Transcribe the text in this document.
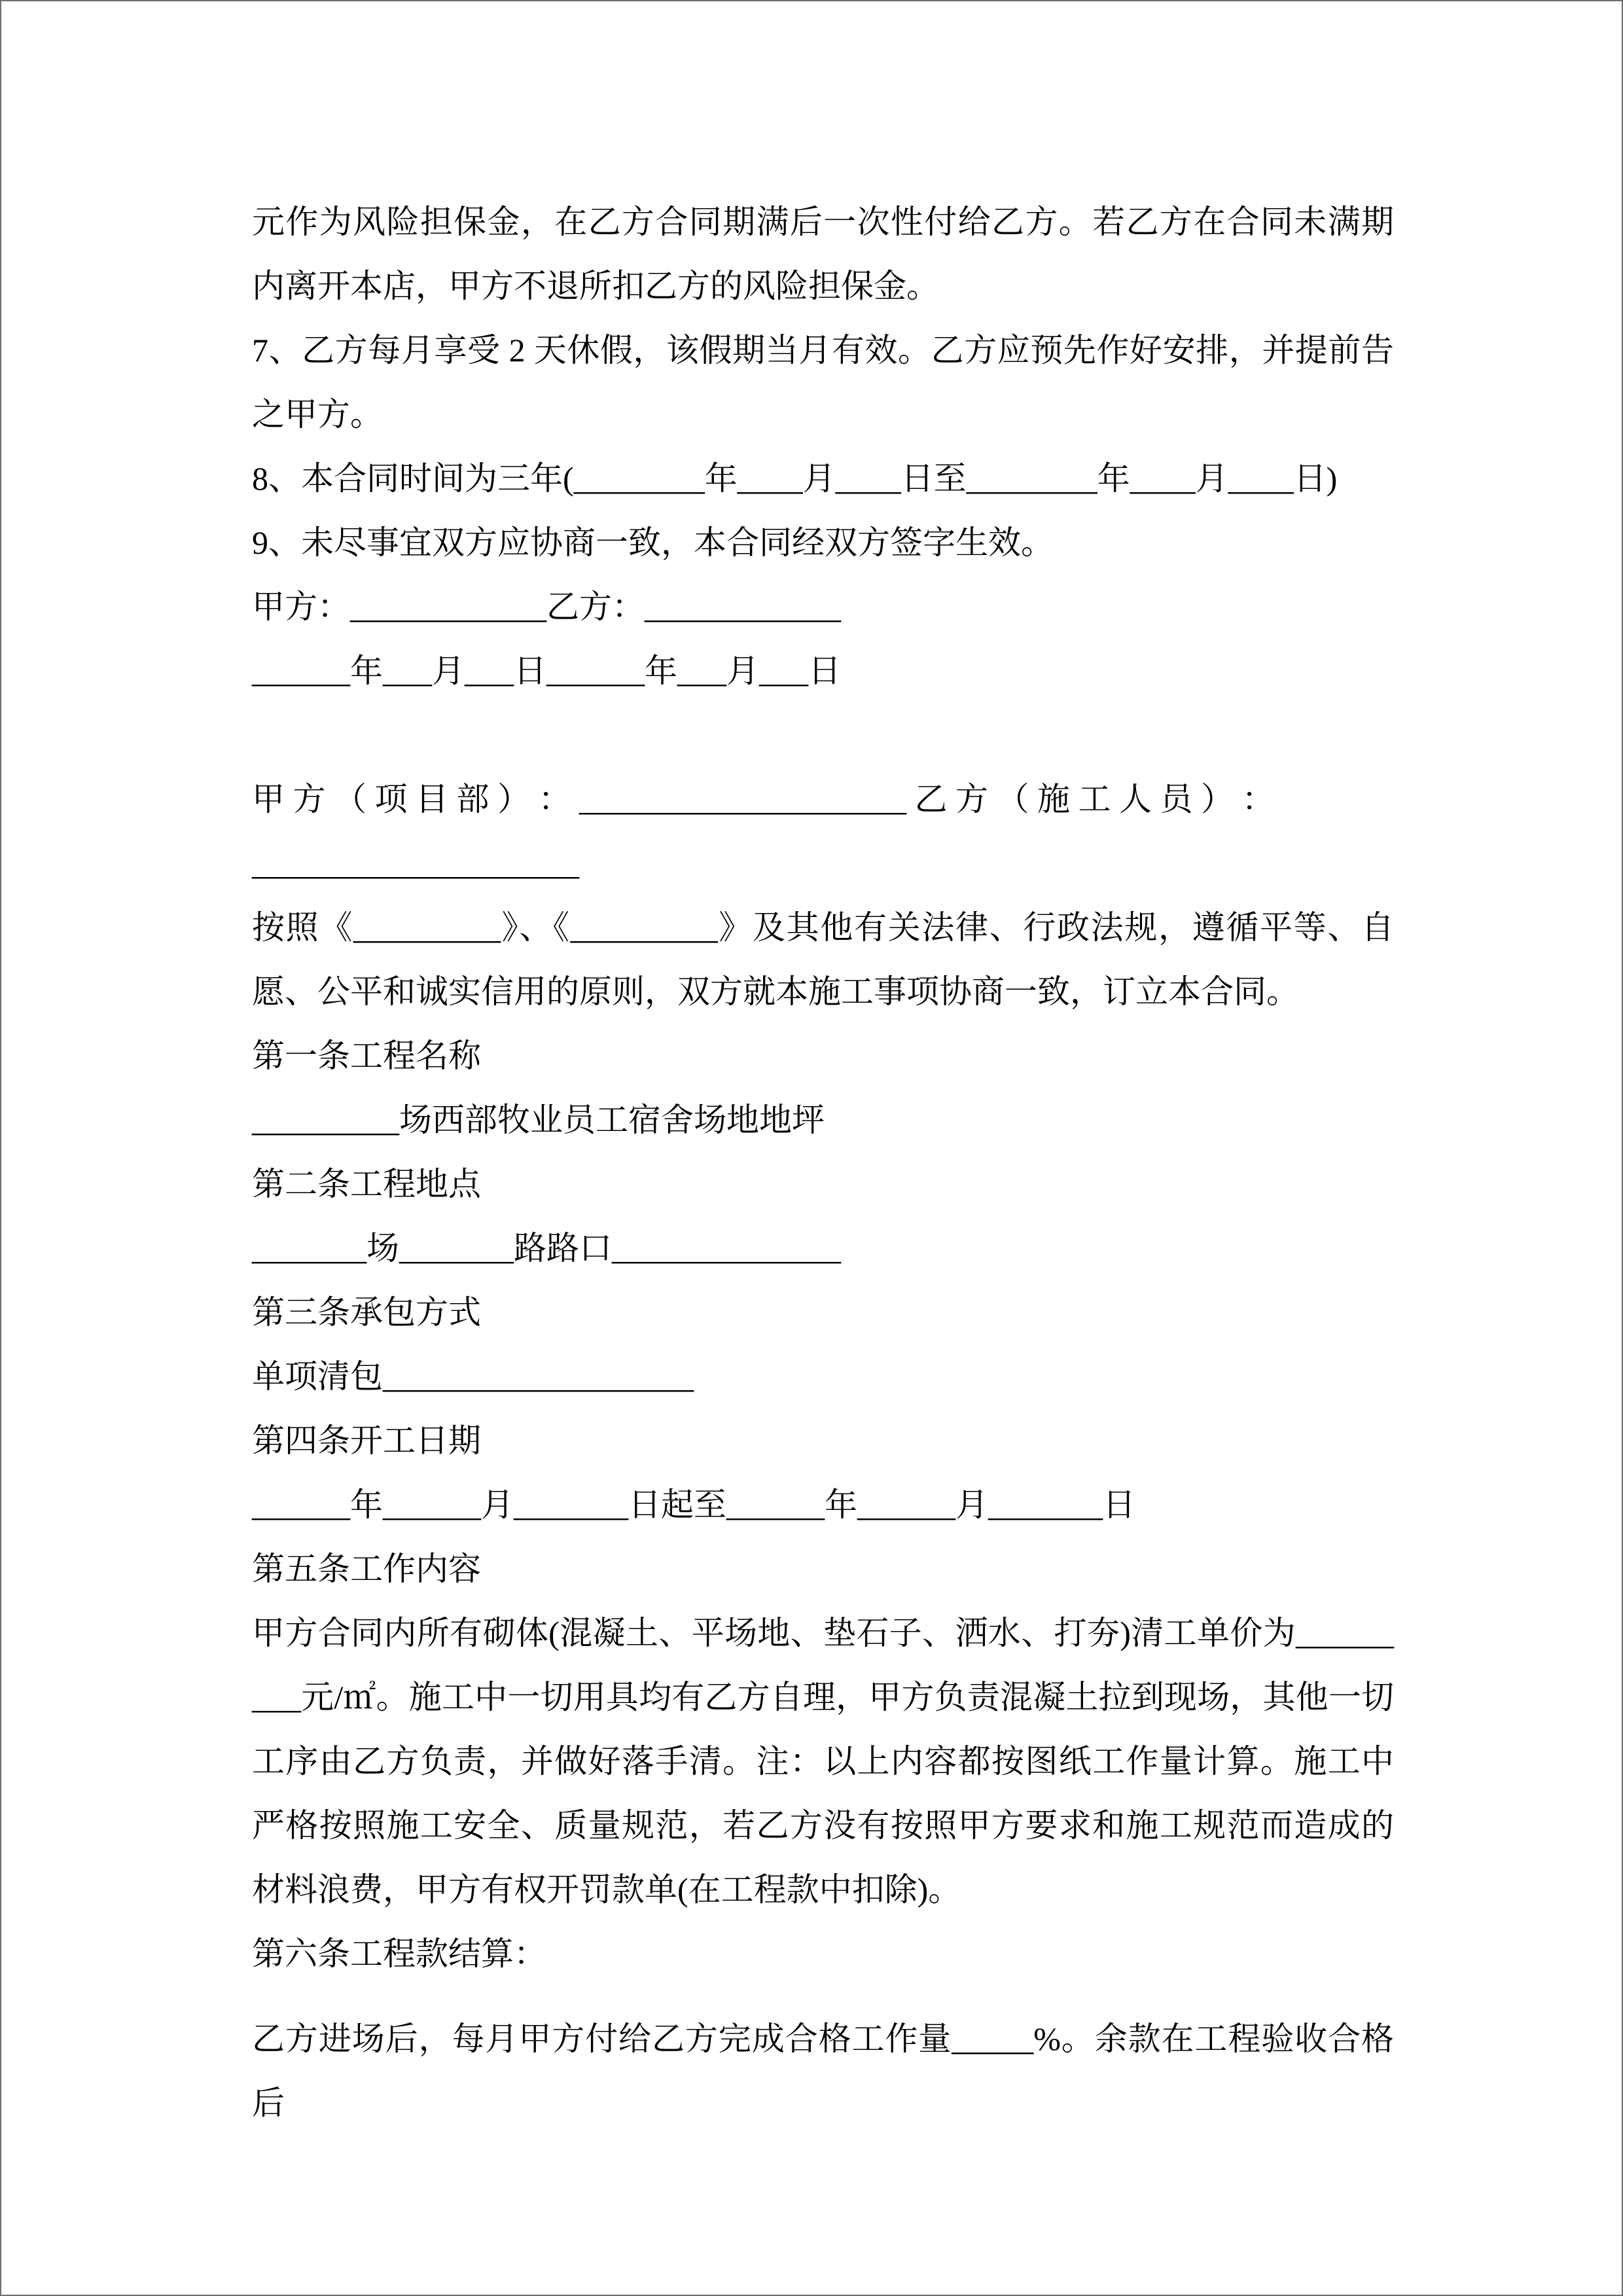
元作为风险担保金，在乙方合同期满后一次性付给乙方。若乙方在合同未满期内离开本店，甲方不退所扣乙方的风险担保金。

7、乙方每月享受 2 天休假，该假期当月有效。乙方应预先作好安排，并提前告之甲方。

8、本合同时间为三年(________年____月____日至________年____月____日)

9、未尽事宜双方应协商一致，本合同经双方签字生效。

甲方：____________乙方：____________

______年___月___日______年___月___日

甲 方 （ 项 目 部 ） ： ____________________ 乙 方 （ 施 工 人 员 ） ：

____________________

按照《_________》、《_________》及其他有关法律、行政法规，遵循平等、自愿、公平和诚实信用的原则，双方就本施工事项协商一致，订立本合同。

第一条工程名称

_________场西部牧业员工宿舍场地地坪

第二条工程地点

_______场_______路路口______________

第三条承包方式

单项清包___________________

第四条开工日期

______年______月_______日起至______年______月_______日

第五条工作内容

甲方合同内所有砌体(混凝土、平场地、垫石子、洒水、打夯)清工单价为_________元/㎡。施工中一切用具均有乙方自理，甲方负责混凝土拉到现场，其他一切工序由乙方负责，并做好落手清。注：以上内容都按图纸工作量计算。施工中严格按照施工安全、质量规范，若乙方没有按照甲方要求和施工规范而造成的材料浪费，甲方有权开罚款单(在工程款中扣除)。

第六条工程款结算：

乙方进场后，每月甲方付给乙方完成合格工作量_____%。余款在工程验收合格后
